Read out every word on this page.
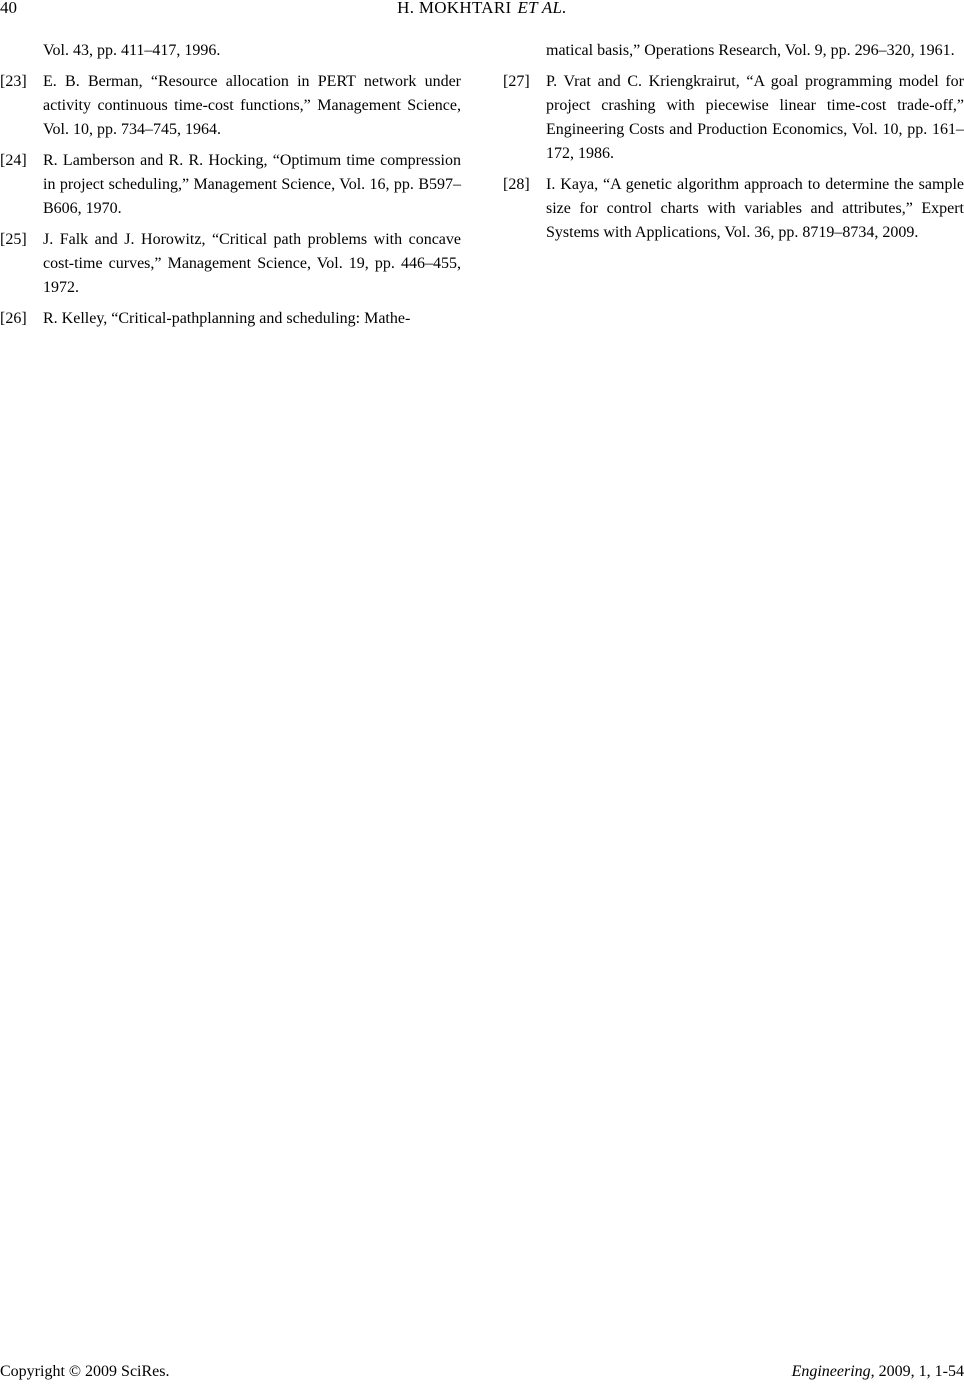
40	H. MOKHTARI ET AL.
Vol. 43, pp. 411–417, 1996.
[23] E. B. Berman, “Resource allocation in PERT network under activity continuous time-cost functions,” Management Science, Vol. 10, pp. 734–745, 1964.
[24] R. Lamberson and R. R. Hocking, “Optimum time compression in project scheduling,” Management Science, Vol. 16, pp. B597–B606, 1970.
[25] J. Falk and J. Horowitz, “Critical path problems with concave cost-time curves,” Management Science, Vol. 19, pp. 446–455, 1972.
[26] R. Kelley, “Critical-pathplanning and scheduling: Mathe-
matical basis,” Operations Research, Vol. 9, pp. 296–320, 1961.
[27] P. Vrat and C. Kriengkrairut, “A goal programming model for project crashing with piecewise linear time-cost trade-off,” Engineering Costs and Production Economics, Vol. 10, pp. 161–172, 1986.
[28] I. Kaya, “A genetic algorithm approach to determine the sample size for control charts with variables and attributes,” Expert Systems with Applications, Vol. 36, pp. 8719–8734, 2009.
Copyright © 2009 SciRes.	Engineering, 2009, 1, 1-54
